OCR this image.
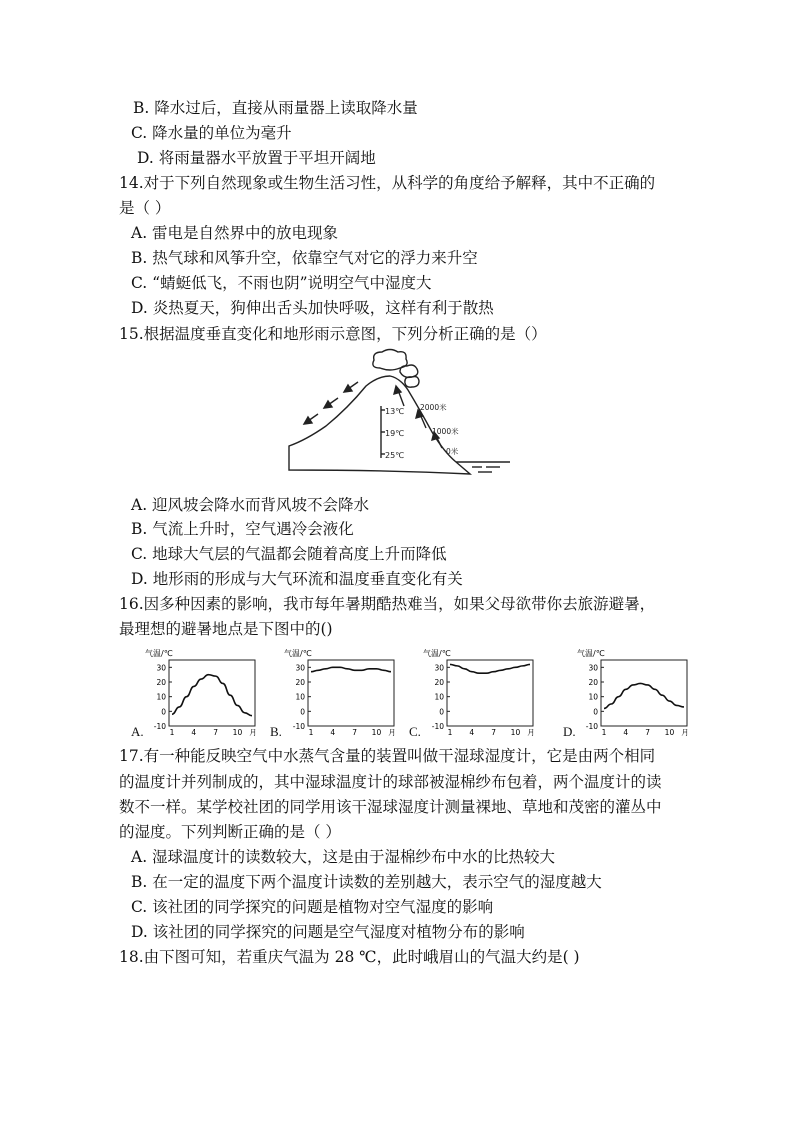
B. 降水过后，直接从雨量器上读取降水量
C. 降水量的单位为毫升
D. 将雨量器水平放置于平坦开阔地
14.对于下列自然现象或生物生活习性，从科学的角度给予解释，其中不正确的
是（ ）
A. 雷电是自然界中的放电现象
B. 热气球和风筝升空，依靠空气对它的浮力来升空
C. “蜻蜓低飞，不雨也阴”说明空气中湿度大
D. 炎热夏天，狗伸出舌头加快呼吸，这样有利于散热
15.根据温度垂直变化和地形雨示意图，下列分析正确的是（）
13℃
19℃
25℃
2000米
1000米
0米
A. 迎风坡会降水而背风坡不会降水
B. 气流上升时，空气遇冷会液化
C. 地球大气层的气温都会随着高度上升而降低
D. 地形雨的形成与大气环流和温度垂直变化有关
16.因多种因素的影响，我市每年暑期酷热难当，如果父母欲带你去旅游避暑，
最理想的避暑地点是下图中的()
A.
气温/℃
30
20
10
0
-10
1 4 7 10 月 B.
气温/℃
30
20
10
0
-10
1 4 7 10 月 C.
气温/℃
30
20
10
0
-10
1 4 7 10 月 D.
气温/℃
30
20
10
0
-10
1 4 7 10 月
17.有一种能反映空气中水蒸气含量的装置叫做干湿球湿度计，它是由两个相同
的温度计并列制成的，其中湿球温度计的球部被湿棉纱布包着，两个温度计的读
数不一样。某学校社团的同学用该干湿球湿度计测量裸地、草地和茂密的灌丛中
的湿度。下列判断正确的是（ ）
A. 湿球温度计的读数较大，这是由于湿棉纱布中水的比热较大
B. 在一定的温度下两个温度计读数的差别越大，表示空气的湿度越大
C. 该社团的同学探究的问题是植物对空气湿度的影响
D. 该社团的同学探究的问题是空气湿度对植物分布的影响
18.由下图可知，若重庆气温为 28 ℃，此时峨眉山的气温大约是( )
